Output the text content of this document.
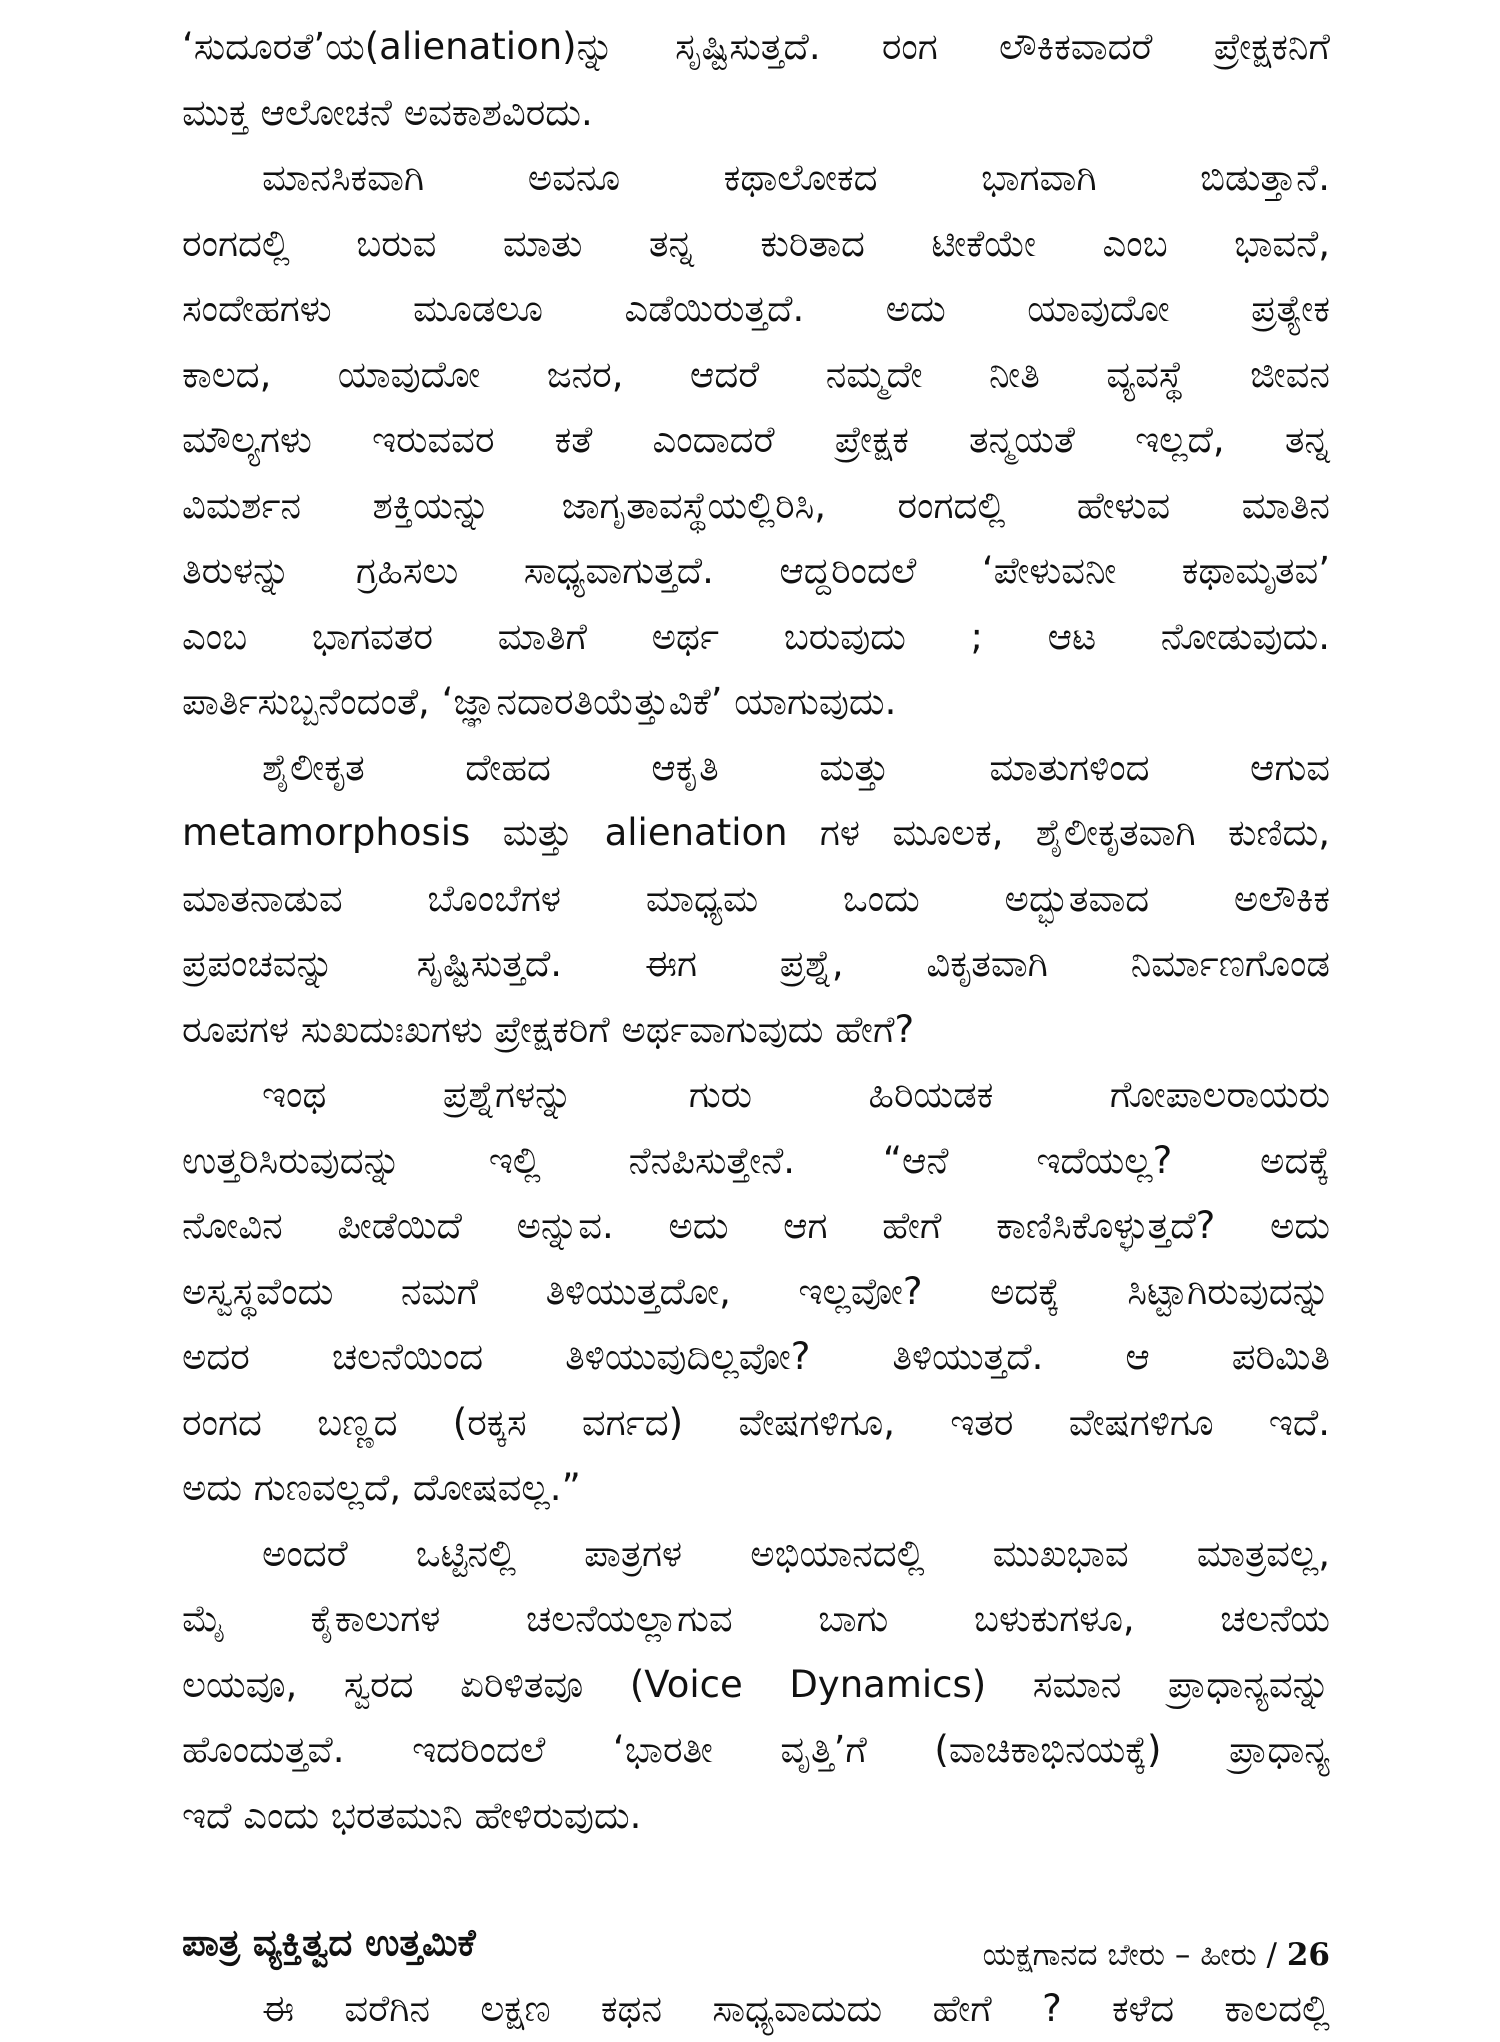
‘ಸುದೂರತೆ’ಯ(alienation)ನ್ನು ಸೃಷ್ಟಿಸುತ್ತದೆ. ರಂಗ ಲೌಕಿಕವಾದರೆ ಪ್ರೇಕ್ಷಕನಿಗೆ
ಮುಕ್ತ ಆಲೋಚನೆ ಅವಕಾಶವಿರದು.
ಮಾನಸಿಕವಾಗಿ ಅವನೂ ಕಥಾಲೋಕದ ಭಾಗವಾಗಿ ಬಿಡುತ್ತಾನೆ.
ರಂಗದಲ್ಲಿ ಬರುವ ಮಾತು ತನ್ನ ಕುರಿತಾದ ಟೀಕೆಯೇ ಎಂಬ ಭಾವನೆ,
ಸಂದೇಹಗಳು ಮೂಡಲೂ ಎಡೆಯಿರುತ್ತದೆ. ಅದು ಯಾವುದೋ ಪ್ರತ್ಯೇಕ
ಕಾಲದ, ಯಾವುದೋ ಜನರ, ಆದರೆ ನಮ್ಮದೇ ನೀತಿ ವ್ಯವಸ್ಥೆ ಜೀವನ
ಮೌಲ್ಯಗಳು ಇರುವವರ ಕತೆ ಎಂದಾದರೆ ಪ್ರೇಕ್ಷಕ ತನ್ಮಯತೆ ಇಲ್ಲದೆ, ತನ್ನ
ವಿಮರ್ಶನ ಶಕ್ತಿಯನ್ನು ಜಾಗೃತಾವಸ್ಥೆಯಲ್ಲಿರಿಸಿ, ರಂಗದಲ್ಲಿ ಹೇಳುವ ಮಾತಿನ
ತಿರುಳನ್ನು ಗ್ರಹಿಸಲು ಸಾಧ್ಯವಾಗುತ್ತದೆ. ಆದ್ದರಿಂದಲೆ ‘ಪೇಳುವನೀ ಕಥಾಮೃತವ’
ಎಂಬ ಭಾಗವತರ ಮಾತಿಗೆ ಅರ್ಥ ಬರುವುದು ; ಆಟ ನೋಡುವುದು.
ಪಾರ್ತಿಸುಬ್ಬನೆಂದಂತೆ, ‘ಜ್ಞಾನದಾರತಿಯೆತ್ತುವಿಕೆ’ ಯಾಗುವುದು.
ಶೈಲೀಕೃತ ದೇಹದ ಆಕೃತಿ ಮತ್ತು ಮಾತುಗಳಿಂದ ಆಗುವ
metamorphosis ಮತ್ತು alienation ಗಳ ಮೂಲಕ, ಶೈಲೀಕೃತವಾಗಿ ಕುಣಿದು,
ಮಾತನಾಡುವ ಬೊಂಬೆಗಳ ಮಾಧ್ಯಮ ಒಂದು ಅದ್ಭುತವಾದ ಅಲೌಕಿಕ
ಪ್ರಪಂಚವನ್ನು ಸೃಷ್ಟಿಸುತ್ತದೆ. ಈಗ ಪ್ರಶ್ನೆ, ವಿಕೃತವಾಗಿ ನಿರ್ಮಾಣಗೊಂಡ
ರೂಪಗಳ ಸುಖದುಃಖಗಳು ಪ್ರೇಕ್ಷಕರಿಗೆ ಅರ್ಥವಾಗುವುದು ಹೇಗೆ?
ಇಂಥ ಪ್ರಶ್ನೆಗಳನ್ನು ಗುರು ಹಿರಿಯಡಕ ಗೋಪಾಲರಾಯರು
ಉತ್ತರಿಸಿರುವುದನ್ನು ಇಲ್ಲಿ ನೆನಪಿಸುತ್ತೇನೆ. “ಆನೆ ಇದೆಯಲ್ಲ? ಅದಕ್ಕೆ
ನೋವಿನ ಪೀಡೆಯಿದೆ ಅನ್ನುವ. ಅದು ಆಗ ಹೇಗೆ ಕಾಣಿಸಿಕೊಳ್ಳುತ್ತದೆ? ಅದು
ಅಸ್ವಸ್ಥವೆಂದು ನಮಗೆ ತಿಳಿಯುತ್ತದೋ, ಇಲ್ಲವೋ? ಅದಕ್ಕೆ ಸಿಟ್ಟಾಗಿರುವುದನ್ನು
ಅದರ ಚಲನೆಯಿಂದ ತಿಳಿಯುವುದಿಲ್ಲವೋ? ತಿಳಿಯುತ್ತದೆ. ಆ ಪರಿಮಿತಿ
ರಂಗದ ಬಣ್ಣದ (ರಕ್ಕಸ ವರ್ಗದ) ವೇಷಗಳಿಗೂ, ಇತರ ವೇಷಗಳಿಗೂ ಇದೆ.
ಅದು ಗುಣವಲ್ಲದೆ, ದೋಷವಲ್ಲ.”
ಅಂದರೆ ಒಟ್ಟಿನಲ್ಲಿ ಪಾತ್ರಗಳ ಅಭಿಯಾನದಲ್ಲಿ ಮುಖಭಾವ ಮಾತ್ರವಲ್ಲ,
ಮೈ ಕೈಕಾಲುಗಳ ಚಲನೆಯಲ್ಲಾಗುವ ಬಾಗು ಬಳುಕುಗಳೂ, ಚಲನೆಯ
ಲಯವೂ, ಸ್ವರದ ಏರಿಳಿತವೂ (Voice Dynamics) ಸಮಾನ ಪ್ರಾಧಾನ್ಯವನ್ನು
ಹೊಂದುತ್ತವೆ. ಇದರಿಂದಲೆ ‘ಭಾರತೀ ವೃತ್ತಿ’ಗೆ (ವಾಚಿಕಾಭಿನಯಕ್ಕೆ) ಪ್ರಾಧಾನ್ಯ
ಇದೆ ಎಂದು ಭರತಮುನಿ ಹೇಳಿರುವುದು.
ಪಾತ್ರ ವ್ಯಕ್ತಿತ್ವದ ಉತ್ತಮಿಕೆ
ಈ ವರೆಗಿನ ಲಕ್ಷಣ ಕಥನ ಸಾಧ್ಯವಾದುದು ಹೇಗೆ ? ಕಳೆದ ಕಾಲದಲ್ಲಿ
ಯಕ್ಷಗಾನದ ಬೇರು – ಹೀರು / 26
